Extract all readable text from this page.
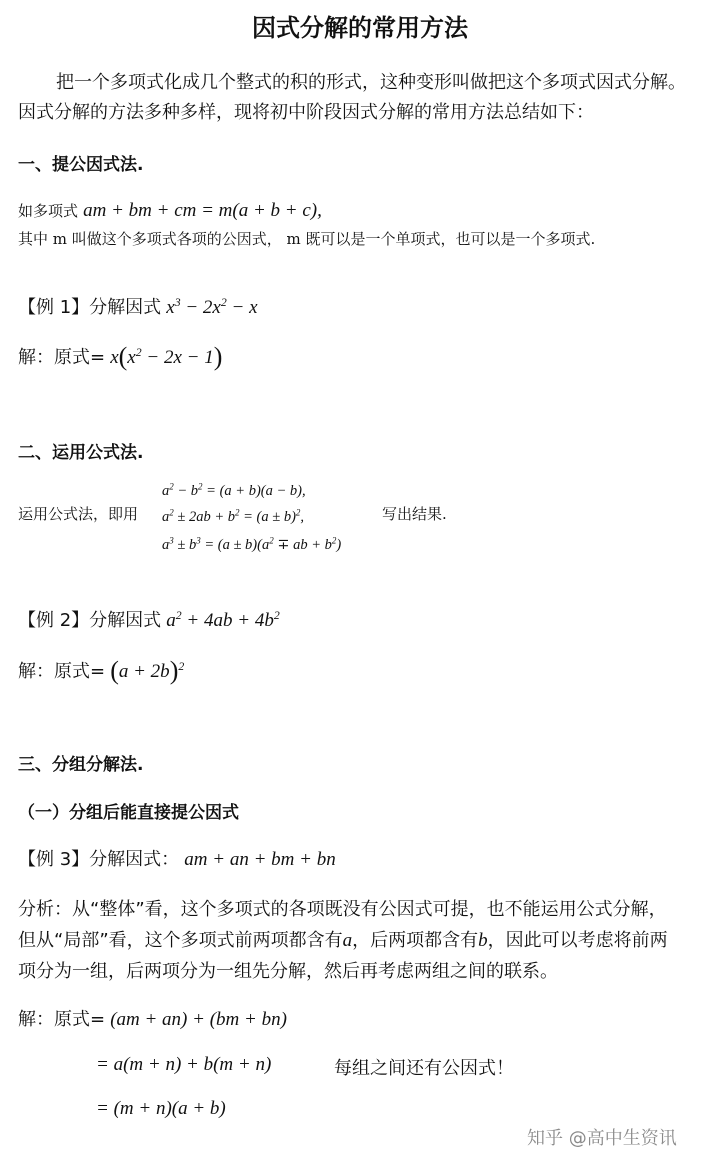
因式分解的常用方法
把一个多项式化成几个整式的积的形式，这种变形叫做把这个多项式因式分解。
因式分解的方法多种多样，现将初中阶段因式分解的常用方法总结如下：
一、提公因式法.
如多项式 am + bm + cm = m(a + b + c),
其中 m 叫做这个多项式各项的公因式， m 既可以是一个单项式，也可以是一个多项式.
【例 1】分解因式 $x^3 - 2x^2 - x$
解：原式= $x(x^2 - 2x - 1)$
二、运用公式法.
运用公式法，即用
$a^2 - b^2 = (a + b)(a - b)$,
$a^2 \pm 2ab + b^2 = (a \pm b)^2$,
$a^3 \pm b^3 = (a \pm b)(a^2$ ∓ ab + $b^2$)
写出结果.
【例 2】分解因式 $a^2 + 4ab + 4b^2$
解：原式= $(a + 2b)^2$
三、分组分解法.
（一）分组后能直接提公因式
【例 3】分解因式： am + an + bm + bn
分析：从“整体”看，这个多项式的各项既没有公因式可提，也不能运用公式分解，
但从“局部”看，这个多项式前两项都含有a，后两项都含有b，因此可以考虑将前两
项分为一组，后两项分为一组先分解，然后再考虑两组之间的联系。
解：原式= (am + an) + (bm + bn)
= a(m + n) + b(m + n)	每组之间还有公因式！
= (m + n)(a + b)
知乎 @高中生资讯
